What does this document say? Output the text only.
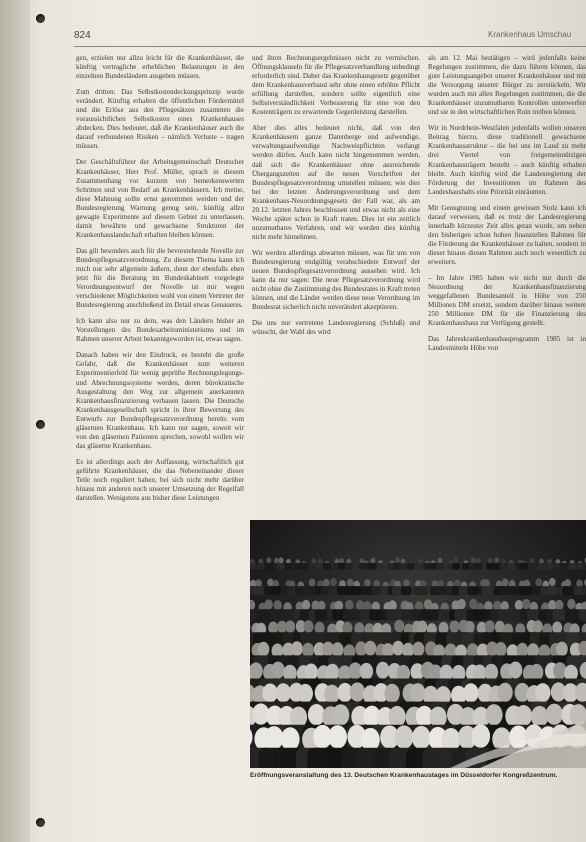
824	Krankenhaus Umschau

gen, erzielen nur allzu leicht für die Krankenhäuser, die künftig vertragliche erheblichen Belastungen in den einzelnen Bundesländern ausgeben müssen.

Zum dritten: Das Selbstkostendeckungsprinzip wurde verändert. Künftig erhalten die öffentlichen Fördermittel und die Erlöse aus den Pflegesätzen zusammen die voraussichtlichen Selbstkosten eines Krankenhauses abdecken. Dies bedeutet, daß die Krankenhäuser auch die darauf verbundenen Risiken – nämlich Verluste – tragen müssen.

Der Geschäftsführer der Arbeitsgemeinschaft Deutscher Krankenhäuser, Herr Prof. Müller, sprach in diesem Zusammenhang vor kurzem von bemerkenswerten Schritten und von Bedarf an Krankenhäusern. Ich meine, diese Mahnung sollte ernst genommen werden und der Bundesregierung Warnung genug sein, künftig allzu gewagte Experimente auf diesem Gebiet zu unterlassen, damit bewährte und gewachsene Strukturen der Krankenhauslandschaft erhalten bleiben können.

Das gilt besonders auch für die bevorstehende Novelle zur Bundespflegesatzverordnung. Zu diesem Thema kann ich mich nur sehr allgemein äußern, denn der ebenfalls eben jetzt für die Beratung im Bundeskabinett vorgelegte Verordnungsentwurf der Novelle ist mir wegen verschiedener Möglichkeiten wohl von einem Vertreter der Bundesregierung anschließend im Detail etwas Genaueres.

Ich kann also nur zu dem, was den Ländern bisher an Vorstellungen des Bundesarbeitsministeriums und im Rahmen unserer Arbeit bekanntgeworden ist, etwas sagen.

Danach haben wir den Eindruck, es besteht die große Gefahr, daß die Krankenhäuser zum weiteren Experimentierfeld für wenig geprüfte Rechnungslegungs- und Abrechnungssysteme werden, deren bürokratische Ausgestaltung den Weg zur allgemein anerkannten Krankenhausfinanzierung verbauen lassen. Die Deutsche Krankenhausgesellschaft spricht in ihrer Bewertung des Entwurfs zur Bundespflegesatzverordnung bereits vom gläsernen Krankenhaus. Ich kann nur sagen, soweit wir von den gläsernen Patienten sprechen, sowohl wollen wir das gläserne Krankenhaus.

Es ist allerdings auch der Auffassung, wirtschaftlich gut geführte Krankenhäuser, die das Nebeneinander dieser Teile noch reguliert haben, bei sich nicht mehr darüber hinaus mit anderen noch unserer Umsetzung der Regelfall darstellen. Wenigstens aus bisher diese Leistungen

und ihren Rechnungsergebnissen nicht zu vermischen. Öffnungsklauseln für die Pflegesatzverhandlung unbedingt erforderlich sind. Daher das Krankenhausgesetz gegenüber dem Krankenhausverband sehr ohne einen erhöhte Pflicht erfüllung darstellen, sondern sollte eigentlich eine Selbstverständlichkeit Verbesserung für eine von den Kostenträgern zu erwartende Gegenleistung darstellen.

Aber dies alles bedeutet nicht, daß von den Krankenhäusern ganze Datenberge und aufwendige, verwaltungsaufwendige Nachweispflichten verlangt werden dürfen. Auch kann nicht hingenommen werden, daß sich die Krankenhäuser ohne ausreichende Übergangszeiten auf die neuen Vorschriften der Bundespflegesatzverordnung umstellen müssen; wie dies bei der letzten Änderungsverordnung und dem Krankenhaus-Neuordnungsgesetz der Fall war, als am 20.12. letzten Jahres beschlossen und etwas nicht als eine Woche später schon in Kraft traten. Dies ist ein zeitlich unzumutbares Verfahren, und wir werden dies künftig nicht mehr hinnehmen.

Wir werden allerdings abwarten müssen, was für uns von Bundesregierung endgültig verabschiedete Entwurf der neuen Bundespflegesatzverordnung aussehen wird. Ich kann da nur sagen: Die neue Pflegesatzverordnung wird nicht ohne die Zustimmung des Bundesrates in Kraft treten können, und die Länder werden diese neue Verordnung im Bundesrat sicherlich nicht unverändert akzeptieren.

Die uns nur vertretene Landesregierung (Schluß) und wünscht, der Wahl des wird

als am 12. Mai bestätigen – wird jedenfalls keine Regelungen zustimmen, die dazu führen können, das gute Leistungsangebot unserer Krankenhäuser und mit die Versorgung unserer Bürger zu zerstückeln. Wir wurden auch mit allen Regelungen zustimmen, die die Krankenhäuser unzumutbaren Kontrollen unterwerfen und sie in den wirtschaftlichen Ruin treiben können.

Wir in Nordrhein-Westfalen jedenfalls wollen unseren Beitrag hierzu, diese traditionell gewachsene Krankenhausstruktur – die bei uns im Land zu mehr drei Viertel von freigemeinnützigen Krankenhausträgern besteht – auch künftig erhalten bleibt. Auch künftig wird die Landesregierung der Förderung der Investitionen im Rahmen des Landeshaushalts eine Priorität einräumen.

Mit Genugtuung und einem gewissen Stolz kann ich darauf verweisen, daß es trotz der Landesregierung innerhalb kürzester Zeit alles getan wurde, um neben den bisherigen schon hohen finanziellen Rahmen für die Förderung der Krankenhäuser zu halten, sondern in dieser hinaus diesen Rahmen auch noch wesentlich zu erweitern.

– Im Jahre 1985 haben wir nicht nur durch die Neuordnung der Krankenhausfinanzierung weggefallenen Bundesanteil in Höhe von 250 Millionen DM ersetzt, sondern darüber hinaus weitere 250 Millionen DM für die Finanzierung des Krankenhausbaus zur Verfügung gestellt.

Das Jahreskrankenhausbauprogramm 1985 ist in Landesmitteln Höhe von

Eröffnungsveranstaltung des 13. Deutschen Krankenhaustages im Düsseldorfer Kongreßzentrum.
